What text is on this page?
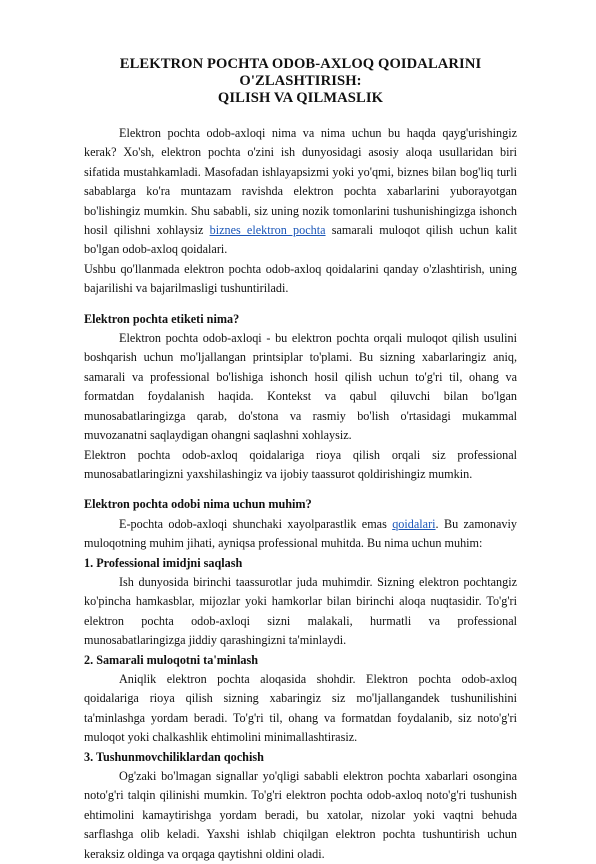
ELEKTRON POCHTA ODOB-AXLOQ QOIDALARINI O'ZLASHTIRISH:
QILISH VA QILMASLIK

Elektron pochta odob-axloqi nima va nima uchun bu haqda qayg'urishingiz kerak? Xo'sh, elektron pochta o'zini ish dunyosidagi asosiy aloqa usullaridan biri sifatida mustahkamladi. Masofadan ishlayapsizmi yoki yo'qmi, biznes bilan bog'liq turli sabablarga ko'ra muntazam ravishda elektron pochta xabarlarini yuborayotgan bo'lishingiz mumkin. Shu sababli, siz uning nozik tomonlarini tushunishingizga ishonch hosil qilishni xohlaysiz biznes elektron pochta samarali muloqot qilish uchun kalit bo'lgan odob-axloq qoidalari.

Ushbu qo'llanmada elektron pochta odob-axloq qoidalarini qanday o'zlashtirish, uning bajarilishi va bajarilmasligi tushuntiriladi.

Elektron pochta etiketi nima?

Elektron pochta odob-axloqi - bu elektron pochta orqali muloqot qilish usulini boshqarish uchun mo'ljallangan printsiplar to'plami. Bu sizning xabarlaringiz aniq, samarali va professional bo'lishiga ishonch hosil qilish uchun to'g'ri til, ohang va formatdan foydalanish haqida. Kontekst va qabul qiluvchi bilan bo'lgan munosabatlaringizga qarab, do'stona va rasmiy bo'lish o'rtasidagi mukammal muvozanatni saqlaydigan ohangni saqlashni xohlaysiz.

Elektron pochta odob-axloq qoidalariga rioya qilish orqali siz professional munosabatlaringizni yaxshilashingiz va ijobiy taassurot qoldirishingiz mumkin.

Elektron pochta odobi nima uchun muhim?

E-pochta odob-axloqi shunchaki xayolparastlik emas qoidalari. Bu zamonaviy muloqotning muhim jihati, ayniqsa professional muhitda. Bu nima uchun muhim:

1. Professional imidjni saqlash

Ish dunyosida birinchi taassurotlar juda muhimdir. Sizning elektron pochtangiz ko'pincha hamkasblar, mijozlar yoki hamkorlar bilan birinchi aloqa nuqtasidir. To'g'ri elektron pochta odob-axloqi sizni malakali, hurmatli va professional munosabatlaringizga jiddiy qarashingizni ta'minlaydi.

2. Samarali muloqotni ta'minlash

Aniqlik elektron pochta aloqasida shohdir. Elektron pochta odob-axloq qoidalariga rioya qilish sizning xabaringiz siz mo'ljallangandek tushunilishini ta'minlashga yordam beradi. To'g'ri til, ohang va formatdan foydalanib, siz noto'g'ri muloqot yoki chalkashlik ehtimolini minimallashtirasiz.

3. Tushunmovchiliklardan qochish

Og'zaki bo'lmagan signallar yo'qligi sababli elektron pochta xabarlari osongina noto'g'ri talqin qilinishi mumkin. To'g'ri elektron pochta odob-axloq noto'g'ri tushunish ehtimolini kamaytirishga yordam beradi, bu xatolar, nizolar yoki vaqtni behuda sarflashga olib keladi. Yaxshi ishlab chiqilgan elektron pochta tushuntirish uchun keraksiz oldinga va orqaga qaytishni oldini oladi.
